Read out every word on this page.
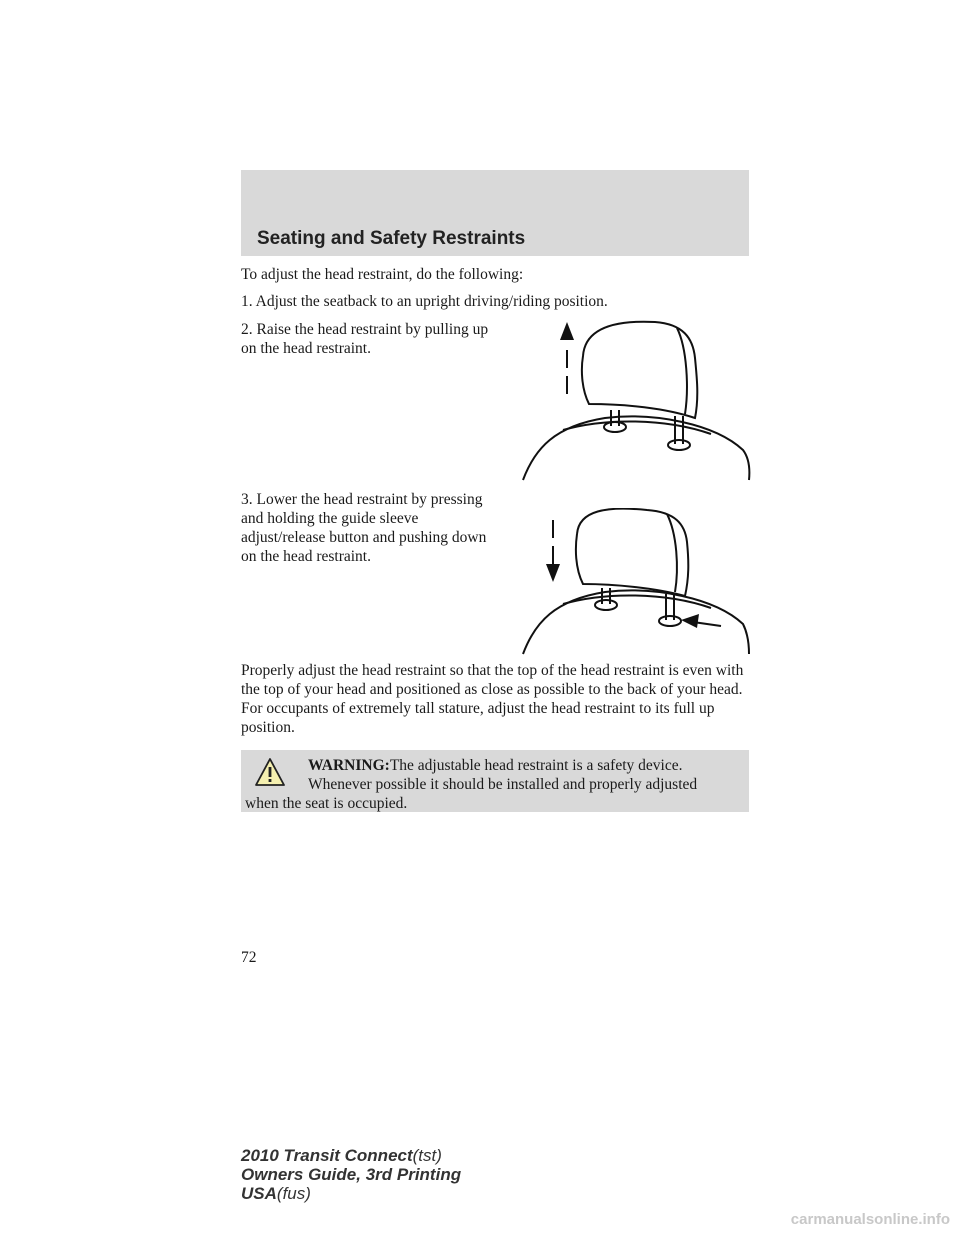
Seating and Safety Restraints

To adjust the head restraint, do the following:

1. Adjust the seatback to an upright driving/riding position.

2. Raise the head restraint by pulling up on the head restraint.

3. Lower the head restraint by pressing and holding the guide sleeve adjust/release button and pushing down on the head restraint.

Properly adjust the head restraint so that the top of the head restraint is even with the top of your head and positioned as close as possible to the back of your head. For occupants of extremely tall stature, adjust the head restraint to its full up position.

WARNING:The adjustable head restraint is a safety device.
Whenever possible it should be installed and properly adjusted
when the seat is occupied.

72
2010 Transit Connect(tst)
Owners Guide, 3rd Printing
USA(fus)
carmanualsonline.info
